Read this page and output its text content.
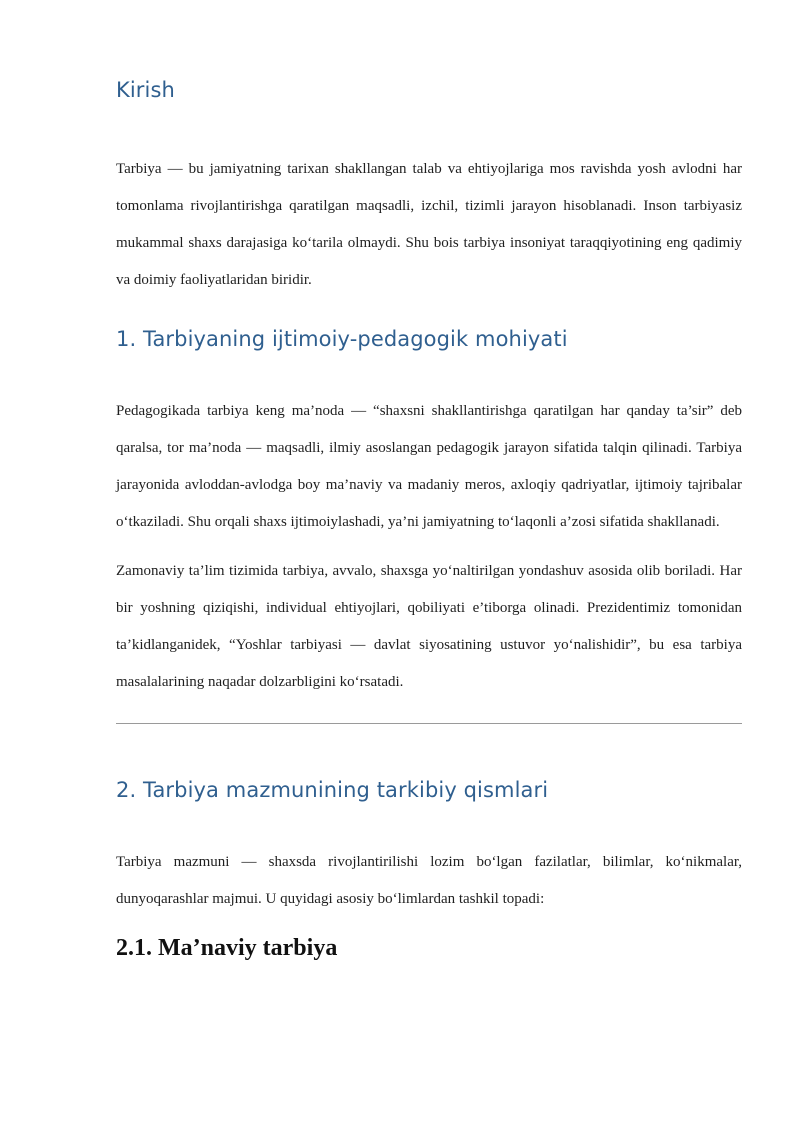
Kirish

Tarbiya — bu jamiyatning tarixan shakllangan talab va ehtiyojlariga mos ravishda yosh avlodni har tomonlama rivojlantirishga qaratilgan maqsadli, izchil, tizimli jarayon hisoblanadi. Inson tarbiyasiz mukammal shaxs darajasiga ko‘tarila olmaydi. Shu bois tarbiya insoniyat taraqqiyotining eng qadimiy va doimiy faoliyatlaridan biridir.

1. Tarbiyaning ijtimoiy-pedagogik mohiyati

Pedagogikada tarbiya keng ma’noda — “shaxsni shakllantirishga qaratilgan har qanday ta’sir” deb qaralsa, tor ma’noda — maqsadli, ilmiy asoslangan pedagogik jarayon sifatida talqin qilinadi. Tarbiya jarayonida avloddan-avlodga boy ma’naviy va madaniy meros, axloqiy qadriyatlar, ijtimoiy tajribalar o‘tkaziladi. Shu orqali shaxs ijtimoiylashadi, ya’ni jamiyatning to‘laqonli a’zosi sifatida shakllanadi.

Zamonaviy ta’lim tizimida tarbiya, avvalo, shaxsga yo‘naltirilgan yondashuv asosida olib boriladi. Har bir yoshning qiziqishi, individual ehtiyojlari, qobiliyati e’tiborga olinadi. Prezidentimiz tomonidan ta’kidlanganidek, “Yoshlar tarbiyasi — davlat siyosatining ustuvor yo‘nalishidir”, bu esa tarbiya masalalarining naqadar dolzarbligini ko‘rsatadi.

2. Tarbiya mazmunining tarkibiy qismlari

Tarbiya mazmuni — shaxsda rivojlantirilishi lozim bo‘lgan fazilatlar, bilimlar, ko‘nikmalar, dunyoqarashlar majmui. U quyidagi asosiy bo‘limlardan tashkil topadi:

2.1. Ma’naviy tarbiya
